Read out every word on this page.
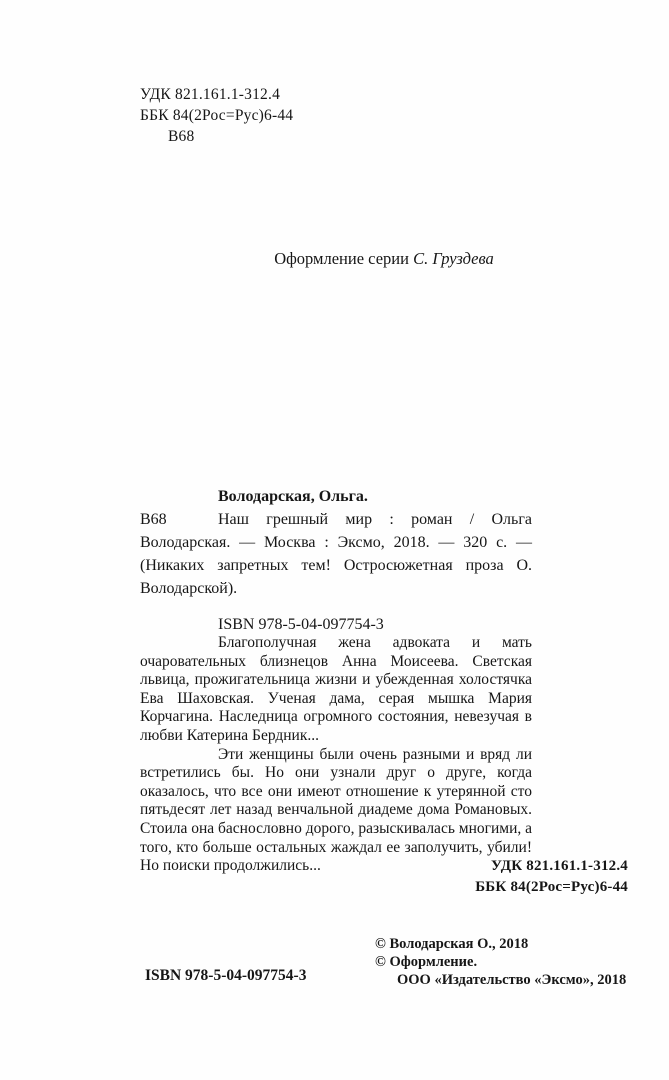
УДК 821.161.1-312.4
ББК 84(2Рос=Рус)6-44
В68
Оформление серии С. Груздева
В68

Володарская, Ольга.

Наш грешный мир : роман / Ольга Володарская. — Москва : Эксмо, 2018. — 320 с. — (Никаких запретных тем! Остросюжетная проза О. Володарской).

ISBN 978-5-04-097754-3

Благополучная жена адвоката и мать очаровательных близнецов Анна Моисеева. Светская львица, прожигательница жизни и убежденная холостячка Ева Шаховская. Ученая дама, серая мышка Мария Корчагина. Наследница огромного состояния, невезучая в любви Катерина Бердник...

Эти женщины были очень разными и вряд ли встретились бы. Но они узнали друг о друге, когда оказалось, что все они имеют отношение к утерянной сто пятьдесят лет назад венчальной диадеме дома Романовых. Стоила она баснословно дорого, разыскивалась многими, а того, кто больше остальных жаждал ее заполучить, убили! Но поиски продолжились...	УДК 821.161.1-312.4
ББК 84(2Рос=Рус)6-44
© Володарская О., 2018
© Оформление.
ООО «Издательство «Эксмо», 2018
ISBN 978-5-04-097754-3
